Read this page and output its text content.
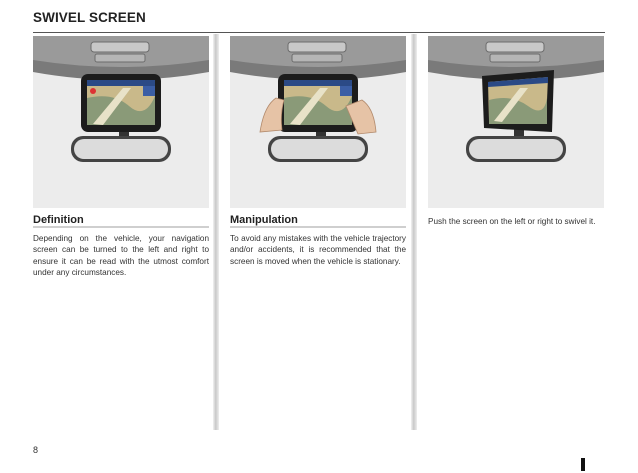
SWIVEL SCREEN
Definition
Depending on the vehicle, your navigation screen can be turned to the left and right to ensure it can be read with the utmost comfort under any circumstances.
Manipulation
To avoid any mistakes with the vehicle trajectory and/or accidents, it is recommended that the screen is moved when the vehicle is stationary.
Push the screen on the left or right to swivel it.
8
